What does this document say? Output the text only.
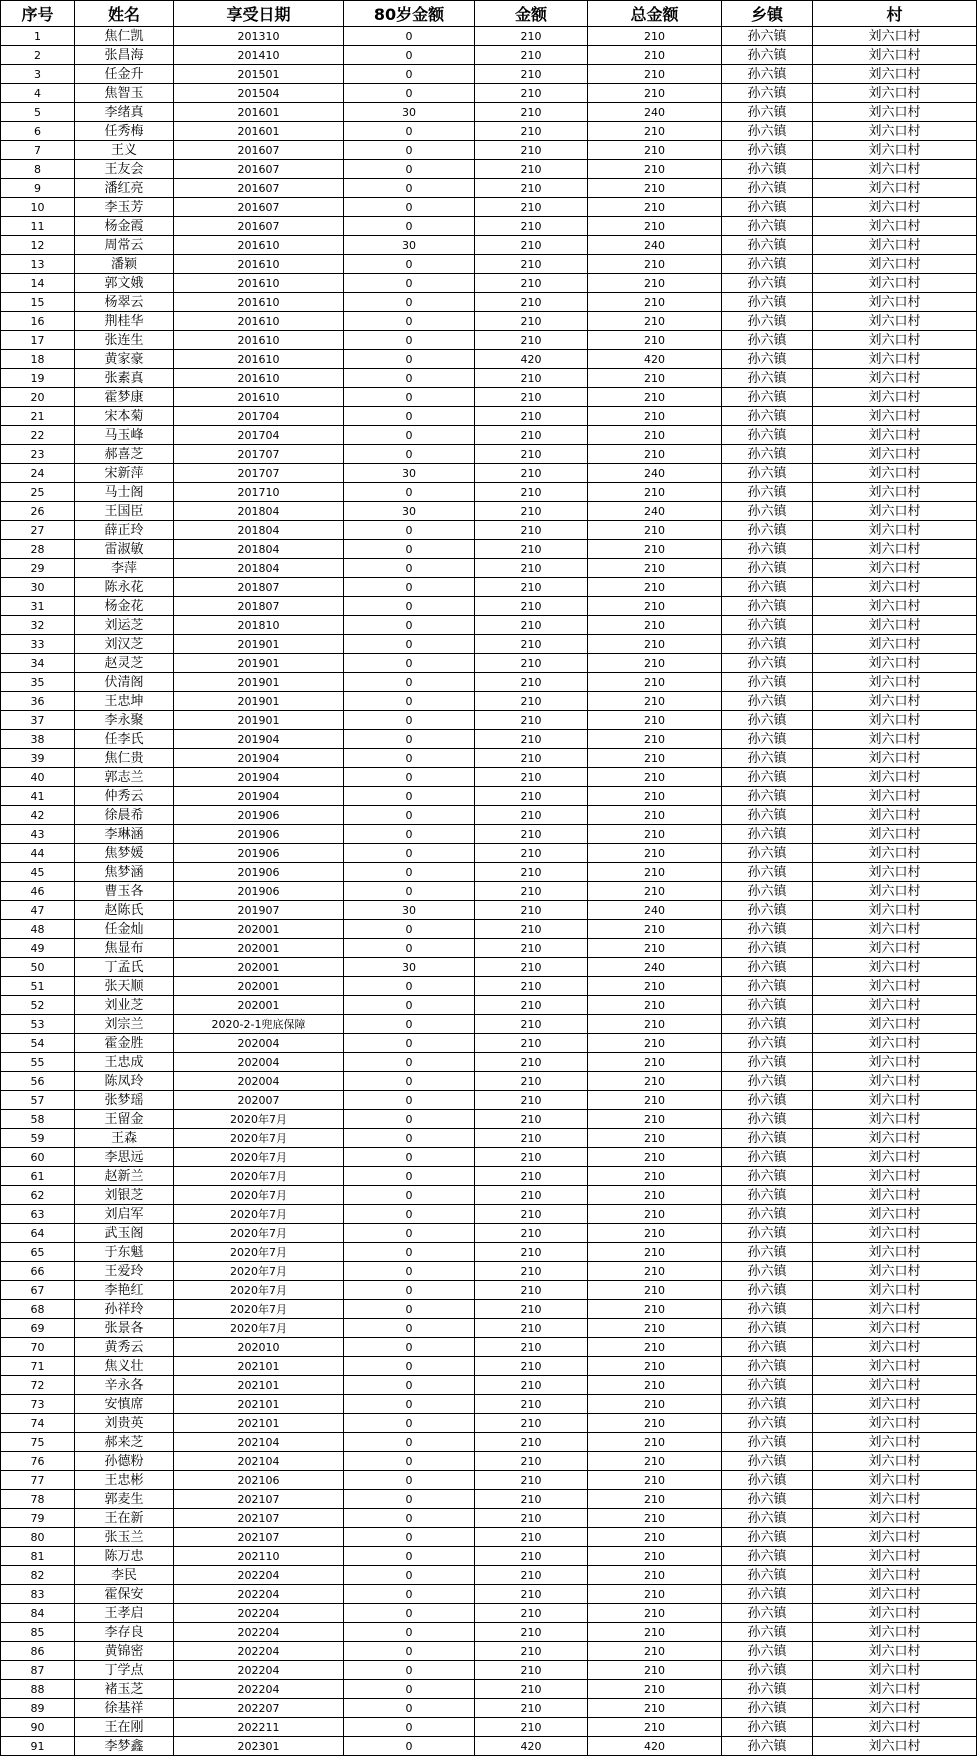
序号	姓名	享受日期	80岁金额	金额	总金额	乡镇	村
1	焦仁凯	201310	0	210	210	孙六镇	刘六口村
2	张昌海	201410	0	210	210	孙六镇	刘六口村
3	任金升	201501	0	210	210	孙六镇	刘六口村
4	焦智玉	201504	0	210	210	孙六镇	刘六口村
5	李绪真	201601	30	210	240	孙六镇	刘六口村
6	任秀梅	201601	0	210	210	孙六镇	刘六口村
7	王义	201607	0	210	210	孙六镇	刘六口村
8	王友会	201607	0	210	210	孙六镇	刘六口村
9	潘红亮	201607	0	210	210	孙六镇	刘六口村
10	李玉芳	201607	0	210	210	孙六镇	刘六口村
11	杨金霞	201607	0	210	210	孙六镇	刘六口村
12	周常云	201610	30	210	240	孙六镇	刘六口村
13	潘颖	201610	0	210	210	孙六镇	刘六口村
14	郭文娥	201610	0	210	210	孙六镇	刘六口村
15	杨翠云	201610	0	210	210	孙六镇	刘六口村
16	荆桂华	201610	0	210	210	孙六镇	刘六口村
17	张连生	201610	0	210	210	孙六镇	刘六口村
18	黄家豪	201610	0	420	420	孙六镇	刘六口村
19	张素真	201610	0	210	210	孙六镇	刘六口村
20	霍梦康	201610	0	210	210	孙六镇	刘六口村
21	宋本菊	201704	0	210	210	孙六镇	刘六口村
22	马玉峰	201704	0	210	210	孙六镇	刘六口村
23	郝喜芝	201707	0	210	210	孙六镇	刘六口村
24	宋新萍	201707	30	210	240	孙六镇	刘六口村
25	马士阁	201710	0	210	210	孙六镇	刘六口村
26	王国臣	201804	30	210	240	孙六镇	刘六口村
27	薛正玲	201804	0	210	210	孙六镇	刘六口村
28	雷淑敏	201804	0	210	210	孙六镇	刘六口村
29	李萍	201804	0	210	210	孙六镇	刘六口村
30	陈永花	201807	0	210	210	孙六镇	刘六口村
31	杨金花	201807	0	210	210	孙六镇	刘六口村
32	刘运芝	201810	0	210	210	孙六镇	刘六口村
33	刘汉芝	201901	0	210	210	孙六镇	刘六口村
34	赵灵芝	201901	0	210	210	孙六镇	刘六口村
35	伏清阁	201901	0	210	210	孙六镇	刘六口村
36	王忠坤	201901	0	210	210	孙六镇	刘六口村
37	李永聚	201901	0	210	210	孙六镇	刘六口村
38	任李氏	201904	0	210	210	孙六镇	刘六口村
39	焦仁贵	201904	0	210	210	孙六镇	刘六口村
40	郭志兰	201904	0	210	210	孙六镇	刘六口村
41	仲秀云	201904	0	210	210	孙六镇	刘六口村
42	徐晨希	201906	0	210	210	孙六镇	刘六口村
43	李琳涵	201906	0	210	210	孙六镇	刘六口村
44	焦梦媛	201906	0	210	210	孙六镇	刘六口村
45	焦梦涵	201906	0	210	210	孙六镇	刘六口村
46	曹玉各	201906	0	210	210	孙六镇	刘六口村
47	赵陈氏	201907	30	210	240	孙六镇	刘六口村
48	任金灿	202001	0	210	210	孙六镇	刘六口村
49	焦显布	202001	0	210	210	孙六镇	刘六口村
50	丁孟氏	202001	30	210	240	孙六镇	刘六口村
51	张天顺	202001	0	210	210	孙六镇	刘六口村
52	刘业芝	202001	0	210	210	孙六镇	刘六口村
53	刘宗兰	2020-2-1兜底保障	0	210	210	孙六镇	刘六口村
54	霍金胜	202004	0	210	210	孙六镇	刘六口村
55	王忠成	202004	0	210	210	孙六镇	刘六口村
56	陈凤玲	202004	0	210	210	孙六镇	刘六口村
57	张梦瑶	202007	0	210	210	孙六镇	刘六口村
58	王留金	2020年7月	0	210	210	孙六镇	刘六口村
59	王森	2020年7月	0	210	210	孙六镇	刘六口村
60	李思远	2020年7月	0	210	210	孙六镇	刘六口村
61	赵新兰	2020年7月	0	210	210	孙六镇	刘六口村
62	刘银芝	2020年7月	0	210	210	孙六镇	刘六口村
63	刘启军	2020年7月	0	210	210	孙六镇	刘六口村
64	武玉阁	2020年7月	0	210	210	孙六镇	刘六口村
65	于东魁	2020年7月	0	210	210	孙六镇	刘六口村
66	王爱玲	2020年7月	0	210	210	孙六镇	刘六口村
67	李艳红	2020年7月	0	210	210	孙六镇	刘六口村
68	孙祥玲	2020年7月	0	210	210	孙六镇	刘六口村
69	张景各	2020年7月	0	210	210	孙六镇	刘六口村
70	黄秀云	202010	0	210	210	孙六镇	刘六口村
71	焦义壮	202101	0	210	210	孙六镇	刘六口村
72	辛永各	202101	0	210	210	孙六镇	刘六口村
73	安慎席	202101	0	210	210	孙六镇	刘六口村
74	刘贵英	202101	0	210	210	孙六镇	刘六口村
75	郝来芝	202104	0	210	210	孙六镇	刘六口村
76	孙德粉	202104	0	210	210	孙六镇	刘六口村
77	王忠彬	202106	0	210	210	孙六镇	刘六口村
78	郭麦生	202107	0	210	210	孙六镇	刘六口村
79	王在新	202107	0	210	210	孙六镇	刘六口村
80	张玉兰	202107	0	210	210	孙六镇	刘六口村
81	陈万忠	202110	0	210	210	孙六镇	刘六口村
82	李民	202204	0	210	210	孙六镇	刘六口村
83	霍保安	202204	0	210	210	孙六镇	刘六口村
84	王孝启	202204	0	210	210	孙六镇	刘六口村
85	李存良	202204	0	210	210	孙六镇	刘六口村
86	黄锦密	202204	0	210	210	孙六镇	刘六口村
87	丁学点	202204	0	210	210	孙六镇	刘六口村
88	褚玉芝	202204	0	210	210	孙六镇	刘六口村
89	徐基祥	202207	0	210	210	孙六镇	刘六口村
90	王在刚	202211	0	210	210	孙六镇	刘六口村
91	李梦鑫	202301	0	420	420	孙六镇	刘六口村
